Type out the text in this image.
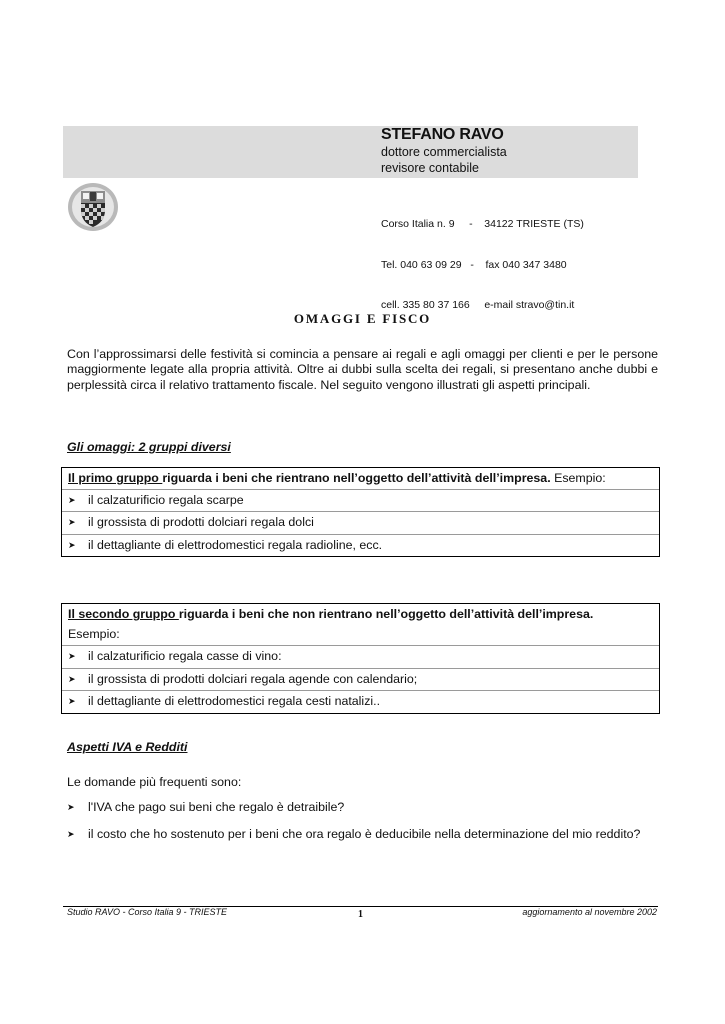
STEFANO RAVO
dottore commercialista
revisore contabile

Corso Italia n. 9     -    34122 TRIESTE (TS)

Tel. 040 63 09 29   -    fax 040 347 3480

cell. 335 80 37 166     e-mail stravo@tin.it

OMAGGI E FISCO
Con l’approssimarsi delle festività si comincia a pensare ai regali e agli omaggi per clienti e per le persone maggiormente legate alla propria attività. Oltre ai dubbi sulla scelta dei regali, si presentano anche dubbi e perplessità circa il relativo trattamento fiscale. Nel seguito vengono illustrati gli aspetti principali.
Gli omaggi: 2 gruppi diversi
Il primo gruppo riguarda i beni che rientrano nell’oggetto dell’attività dell’impresa. Esempio:
➤	il calzaturificio regala scarpe
➤	il grossista di prodotti dolciari regala dolci
➤	il dettagliante di elettrodomestici regala radioline, ecc.
Il secondo gruppo riguarda i beni che non rientrano nell’oggetto dell’attività dell’impresa.
Esempio:
➤	il calzaturificio regala casse di vino:
➤	il grossista di prodotti dolciari regala agende con calendario;
➤	il dettagliante di elettrodomestici regala cesti natalizi..
Aspetti IVA e Redditi
Le domande più frequenti sono:
➤	l'IVA che pago sui beni che regalo è detraibile?
➤	il costo che ho sostenuto per i beni che ora regalo è deducibile nella determinazione del mio reddito?
Studio RAVO - Corso Italia 9 - TRIESTE	1	aggiornamento al novembre 2002
